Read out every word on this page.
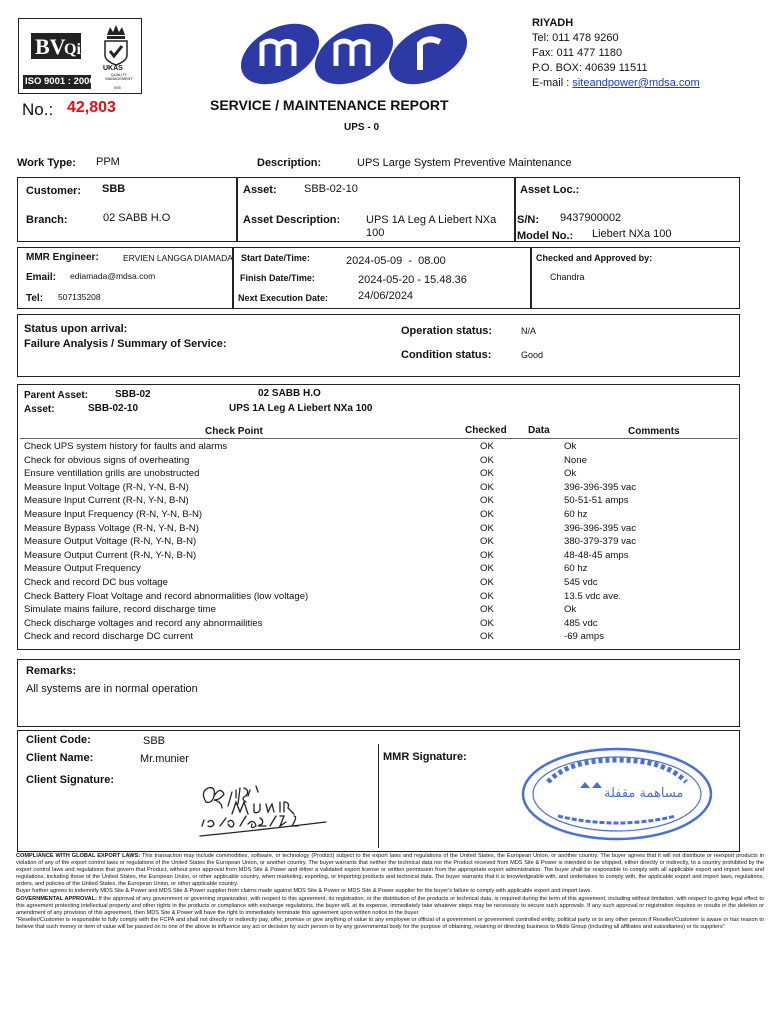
BV
Qi
UKAS
QUALITY MANAGEMENT
ISO 9001 : 2000
005
RIYADH
Tel: 011 478 9260
Fax: 011 477 1180
P.O. BOX: 40639 11511
E-mail : siteandpower@mdsa.com
No.: 42,803	SERVICE / MAINTENANCE REPORT
UPS - 0
Work Type: PPM	Description:	UPS Large System Preventive Maintenance
Customer: SBB
Branch:	02 SABB H.O
Asset: SBB-02-10
Asset Description: UPS 1A Leg A Liebert NXa 100
Asset Loc.:
S/N: 9437900002
Model No.: Liebert NXa 100
MMR Engineer:	ERVIEN LANGGA DIAMADA
Email: ediamada@mdsa.com
Tel: 507135208
Start Date/Time:	2024-05-09  -  08.00
Finish Date/Time:	2024-05-20 - 15.48.36
Next Execution Date:	24/06/2024
Checked and Approved by:
Chandra
Status upon arrival:
Failure Analysis / Summary of Service:
Operation status:	N/A
Condition status:	Good
Parent Asset:	SBB-02	02 SABB H.O
Asset:	SBB-02-10	UPS 1A Leg A Liebert NXa 100
Check Point	Checked Data	Comments
Check UPS system history for faults and alarms	OK		Ok
Check for obvious signs of overheating	OK		None
Ensure ventillation grills are unobstructed	OK		Ok
Measure Input Voltage (R-N, Y-N, B-N)	OK		396-396-395 vac
Measure Input Current (R-N, Y-N, B-N)	OK		50-51-51 amps
Measure Input Frequency (R-N, Y-N, B-N)	OK		60 hz
Measure Bypass Voltage (R-N, Y-N, B-N)	OK		396-396-395 vac
Measure Output Voltage (R-N, Y-N, B-N)	OK		380-379-379 vac
Measure Output Current (R-N, Y-N, B-N)	OK		48-48-45 amps
Measure Output Frequency	OK		60 hz
Check and record DC bus voltage	OK		545 vdc
Check Battery Float Voltage and record abnormalities (low voltage)	OK		13.5 vdc ave.
Simulate mains failure, record discharge time	OK		Ok
Check discharge voltages and record any abnormailities	OK		485 vdc
Check and record discharge DC current	OK		-69 amps
Remarks:
All systems are in normal operation
Client Code:	SBB
Client Name:	Mr.munier
Client Signature:
MMR Signature:
مساهمة مقفلة

COMPLIANCE WITH GLOBAL EXPORT LAWS: This transaction may include commodities, software, or technology (Product) subject to the export laws and regulations of the United States, the European Union, or another country. The buyer agrees that it will not distribute or reexport products in violation of any of the export control laws or regulations of the United States the European Union, or another country. The buyer warrants that neither the technical data nor the Product received from MDS Site & Power is intended to be shipped, either directly or indirectly, to a country prohibited by the export control laws and regulations that govern that Product, without prior approval from MDS Site & Power and either a validated export license or written permission from the appropriate export administration. The buyer shall be responsible to comply with all applicable export and import laws and regulations, including those of the United States, the European Union, or other applicable country, when marketing, exporting, or importing products and technical data. The buyer warrants that it is knowledgeable with, and undertakes to comply with, the applicable export and import laws, regulations, orders, and policies of the United States, the European Union, or other applicable country.

Buyer further agrees to indemnify MDS Site & Power and MDS Site & Power supplier from claims made against MDS Site & Power or MDS Site & Power supplier for the buyer's failure to comply with applicable export and import laws.

GOVERNMENTAL APPROVAL: If the approval of any government or governing organization, with respect to this agreement, its registration, or the distribution of the products or technical data, is required during the term of this agreement, including without limitation, with respect to giving legal effect to this agreement protecting intellectual property and other rights in the products or compliance with exchange regulations, the buyer will, at its expense, immediately take whatever steps may be necessary to secure such approvals. If any such approval or registration requires or results in the deletion or amendment of any provision of this agreement, then MDS Site & Power will have the right to immediately terminate this agreement upon written notice to the buyer.

"Reseller/Customer is responsible to fully comply with the FCPA and shall not directly or indirectly pay, offer, promise or give anything of value to any employee or official of a government or government controlled entity, political party or to any other person if Reseller/Customer is aware or has reason to believe that such money or item of value will be passed on to one of the above to influence any act or decision by such person or by any governmental body for the purpose of obtaining, retaining or directing business to Midis Group (including all affiliates and subsidiaries) or its suppliers"
